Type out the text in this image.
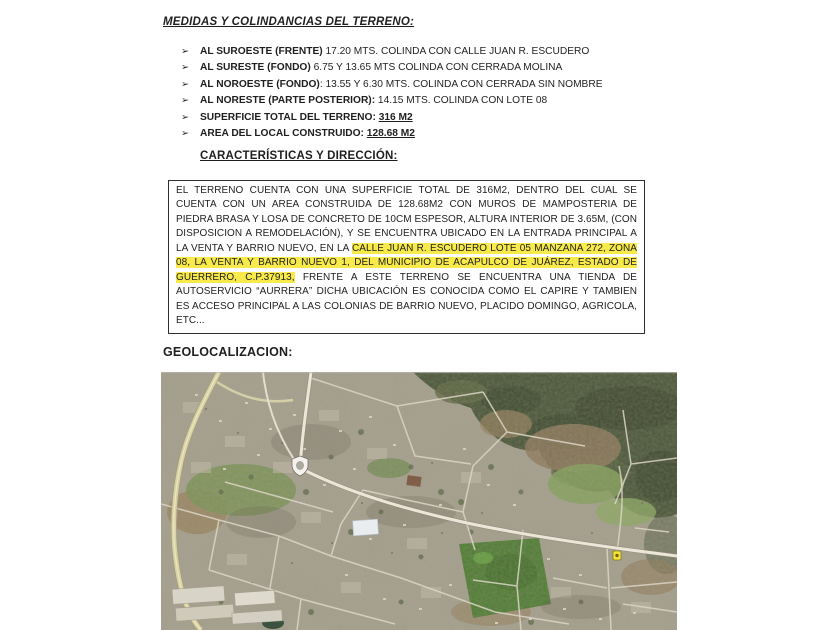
MEDIDAS Y COLINDANCIAS DEL TERRENO:
➢ AL SUROESTE (FRENTE) 17.20 MTS. COLINDA CON CALLE JUAN R. ESCUDERO
➢ AL SURESTE (FONDO) 6.75 Y 13.65 MTS COLINDA CON CERRADA MOLINA
➢ AL NOROESTE (FONDO): 13.55 Y 6.30 MTS. COLINDA CON CERRADA SIN NOMBRE
➢ AL NORESTE (PARTE POSTERIOR): 14.15 MTS. COLINDA CON LOTE 08
➢ SUPERFICIE TOTAL DEL TERRENO: 316 M2
➢ AREA DEL LOCAL CONSTRUIDO: 128.68 M2
CARACTERÍSTICAS Y DIRECCIÓN:
EL TERRENO CUENTA CON UNA SUPERFICIE TOTAL DE 316M2, DENTRO DEL CUAL SE CUENTA CON UN AREA CONSTRUIDA DE 128.68M2 CON MUROS DE MAMPOSTERIA DE PIEDRA BRASA Y LOSA DE CONCRETO DE 10CM ESPESOR, ALTURA INTERIOR DE 3.65M, (CON DISPOSICION A REMODELACIÓN), Y SE ENCUENTRA UBICADO EN LA ENTRADA PRINCIPAL A LA VENTA Y BARRIO NUEVO, EN LA CALLE JUAN R. ESCUDERO LOTE 05 MANZANA 272, ZONA 08, LA VENTA Y BARRIO NUEVO 1, DEL MUNICIPIO DE ACAPULCO DE JUÁREZ, ESTADO DE GUERRERO, C.P.37913, FRENTE A ESTE TERRENO SE ENCUENTRA UNA TIENDA DE AUTOSERVICIO “AURRERA” DICHA UBICACIÓN ES CONOCIDA COMO EL CAPIRE Y TAMBIEN ES ACCESO PRINCIPAL A LAS COLONIAS DE BARRIO NUEVO, PLACIDO DOMINGO, AGRICOLA, ETC...
GEOLOCALIZACION:
